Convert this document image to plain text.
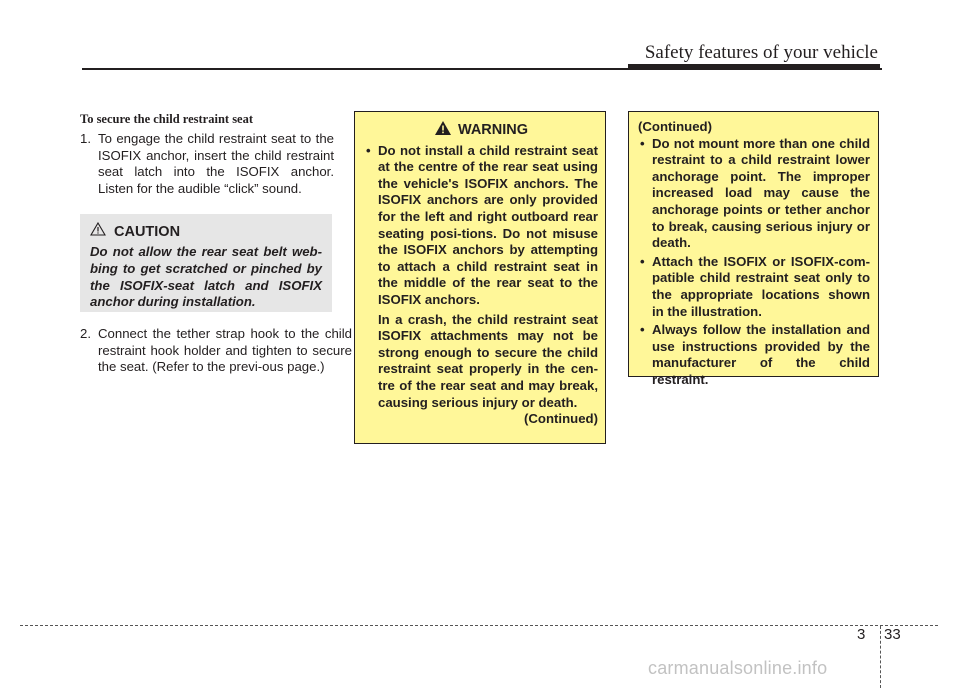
Safety features of your vehicle
To secure the child restraint seat
1. To engage the child restraint seat to the ISOFIX anchor, insert the child restraint seat latch into the ISOFIX anchor. Listen for the audible “click” sound.
CAUTION
Do not allow the rear seat belt web-bing to get scratched or pinched by the ISOFIX-seat latch and ISOFIX anchor during installation.
2. Connect the tether strap hook to the child restraint hook holder and tighten to secure the seat. (Refer to the previ-ous page.)
WARNING
• Do not install a child restraint seat at the centre of the rear seat using the vehicle's ISOFIX anchors. The ISOFIX anchors are only provided for the left and right outboard rear seating posi-tions. Do not misuse the ISOFIX anchors by attempting to attach a child restraint seat in the middle of the rear seat to the ISOFIX anchors.
In a crash, the child restraint seat ISOFIX attachments may not be strong enough to secure the child restraint seat properly in the cen-tre of the rear seat and may break, causing serious injury or death.
(Continued)
(Continued)
• Do not mount more than one child restraint to a child restraint lower anchorage point. The improper increased load may cause the anchorage points or tether anchor to break, causing serious injury or death.
• Attach the ISOFIX or ISOFIX-com-patible child restraint seat only to the appropriate locations shown in the illustration.
• Always follow the installation and use instructions provided by the manufacturer of the child restraint.
3 33
carmanualsonline.info
